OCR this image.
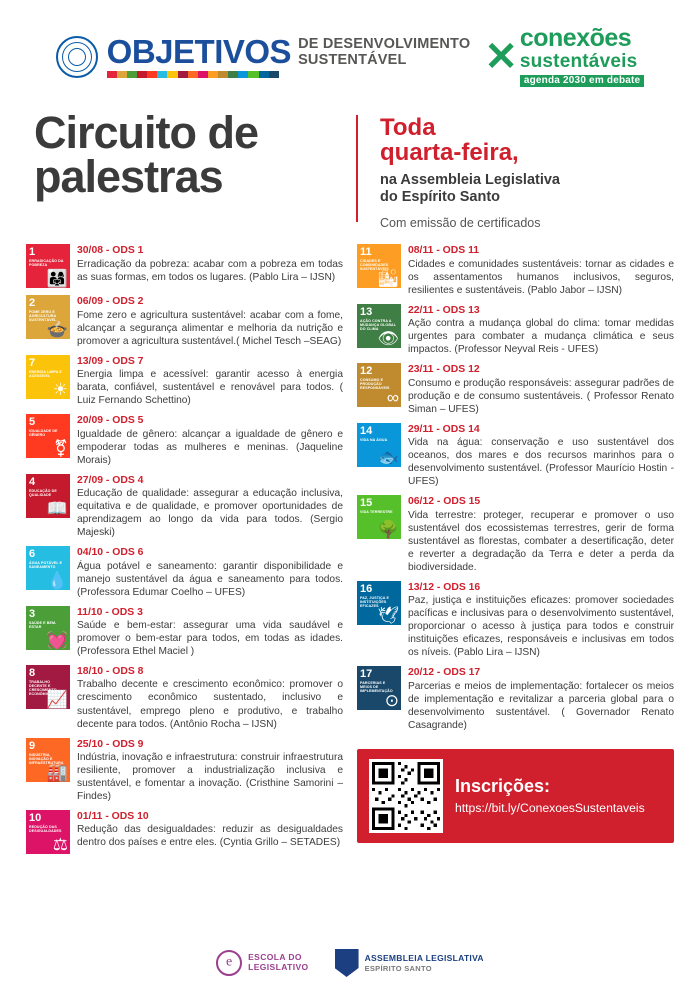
OBJETIVOS DE DESENVOLVIMENTO
SUSTENTÁVEL	✕ conexões
sustentáveis
agenda 2030 em debate
Circuito de
palestras
Toda
quarta-feira,
na Assembleia Legislativa
do Espírito Santo
Com emissão de certificados
1
ERRADICAÇÃO DA POBREZA
👨‍👩‍👧
30/08 - ODS 1
Erradicação da pobreza: acabar com a pobreza em todas as suas formas, em todos os lugares. (Pablo Lira – IJSN)
2
FOME ZERO E AGRICULTURA SUSTENTÁVEL
🍲
06/09 - ODS 2
Fome zero e agricultura sustentável: acabar com a fome, alcançar a segurança alimentar e melhoria da nutrição e promover a agricultura sustentável.( Michel Tesch –SEAG)
7
ENERGIA LIMPA E ACESSÍVEL
☀
13/09 - ODS 7
Energia limpa e acessível: garantir acesso à energia barata, confiável, sustentável e renovável para todos. ( Luiz Fernando Schettino)
5
IGUALDADE DE GÊNERO
⚧
20/09 - ODS 5
Igualdade de gênero: alcançar a igualdade de gênero e empoderar todas as mulheres e meninas. (Jaqueline Morais)
4
EDUCAÇÃO DE QUALIDADE
📖
27/09 - ODS 4
Educação de qualidade: assegurar a educação inclusiva, equitativa e de qualidade, e promover oportunidades de aprendizagem ao longo da vida para todos. (Sergio Majeski)
6
ÁGUA POTÁVEL E SANEAMENTO
💧
04/10 - ODS 6
Água potável e saneamento: garantir disponibilidade e manejo sustentável da água e saneamento para todos. (Professora Edumar Coelho – UFES)
3
SAÚDE E BEM-ESTAR
💓
11/10 - ODS 3
Saúde e bem-estar: assegurar uma vida saudável e promover o bem-estar para todos, em todas as idades. (Professora Ethel Maciel )
8
TRABALHO DECENTE E CRESCIMENTO ECONÔMICO
📈
18/10 - ODS 8
Trabalho decente e crescimento econômico: promover o crescimento econômico sustentado, inclusivo e sustentável, emprego pleno e produtivo, e trabalho decente para todos. (Antônio Rocha – IJSN)
9
INDÚSTRIA, INOVAÇÃO E INFRAESTRUTURA
🏭
25/10 - ODS 9
Indústria, inovação e infraestrutura: construir infraestrutura resiliente, promover a industrialização inclusiva e sustentável, e fomentar a inovação. (Cristhine Samorini –Findes)
10
REDUÇÃO DAS DESIGUALDADES
⚖
01/11 - ODS 10
Redução das desigualdades: reduzir as desigualdades dentro dos países e entre eles. (Cyntia Grillo – SETADES)
11
CIDADES E COMUNIDADES SUSTENTÁVEIS
🏙
08/11 - ODS 11
Cidades e comunidades sustentáveis: tornar as cidades e os assentamentos humanos inclusivos, seguros, resilientes e sustentáveis. (Pablo Jabor – IJSN)
13
AÇÃO CONTRA A MUDANÇA GLOBAL DO CLIMA
👁
22/11 - ODS 13
Ação contra a mudança global do clima: tomar medidas urgentes para combater a mudança climática e seus impactos. (Professor Neyval Reis - UFES)
12
CONSUMO E PRODUÇÃO RESPONSÁVEIS
∞
23/11 - ODS 12
Consumo e produção responsáveis: assegurar padrões de produção e de consumo sustentáveis. ( Professor Renato Siman – UFES)
14
VIDA NA ÁGUA
🐟
29/11 - ODS 14
Vida na água: conservação e uso sustentável dos oceanos, dos mares e dos recursos marinhos para o desenvolvimento sustentável. (Professor Maurício Hostin - UFES)
15
VIDA TERRESTRE
🌳
06/12 - ODS 15
Vida terrestre: proteger, recuperar e promover o uso sustentável dos ecossistemas terrestres, gerir de forma sustentável as florestas, combater a desertificação, deter e reverter a degradação da Terra e deter a perda da biodiversidade.
16
PAZ, JUSTIÇA E INSTITUIÇÕES EFICAZES
🕊
13/12 - ODS 16
Paz, justiça e instituições eficazes: promover sociedades pacíficas e inclusivas para o desenvolvimento sustentável, proporcionar o acesso à justiça para todos e construir instituições eficazes, responsáveis e inclusivas em todos os níveis. (Pablo Lira – IJSN)
17
PARCERIAS E MEIOS DE IMPLEMENTAÇÃO
⊙
20/12 - ODS 17
Parcerias e meios de implementação: fortalecer os meios de implementação e revitalizar a parceria global para o desenvolvimento sustentável. ( Governador Renato Casagrande)
Inscrições:
https://bit.ly/ConexoesSustentaveis
e
ESCOLA DO
LEGISLATIVO
ASSEMBLEIA LEGISLATIVA
ESPÍRITO SANTO
